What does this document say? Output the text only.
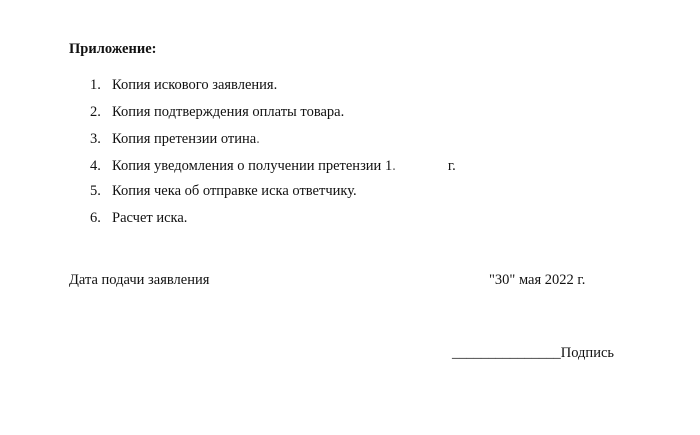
Приложение:
1. Копия искового заявления.
2. Копия подтверждения оплаты товара.
3. Копия претензии отина.
4. Копия уведомления о получении претензии 1.	г.
5. Копия чека об отправке иска ответчику.
6. Расчет иска.
Дата подачи заявления	"30" мая 2022 г.
_______________Подпись
